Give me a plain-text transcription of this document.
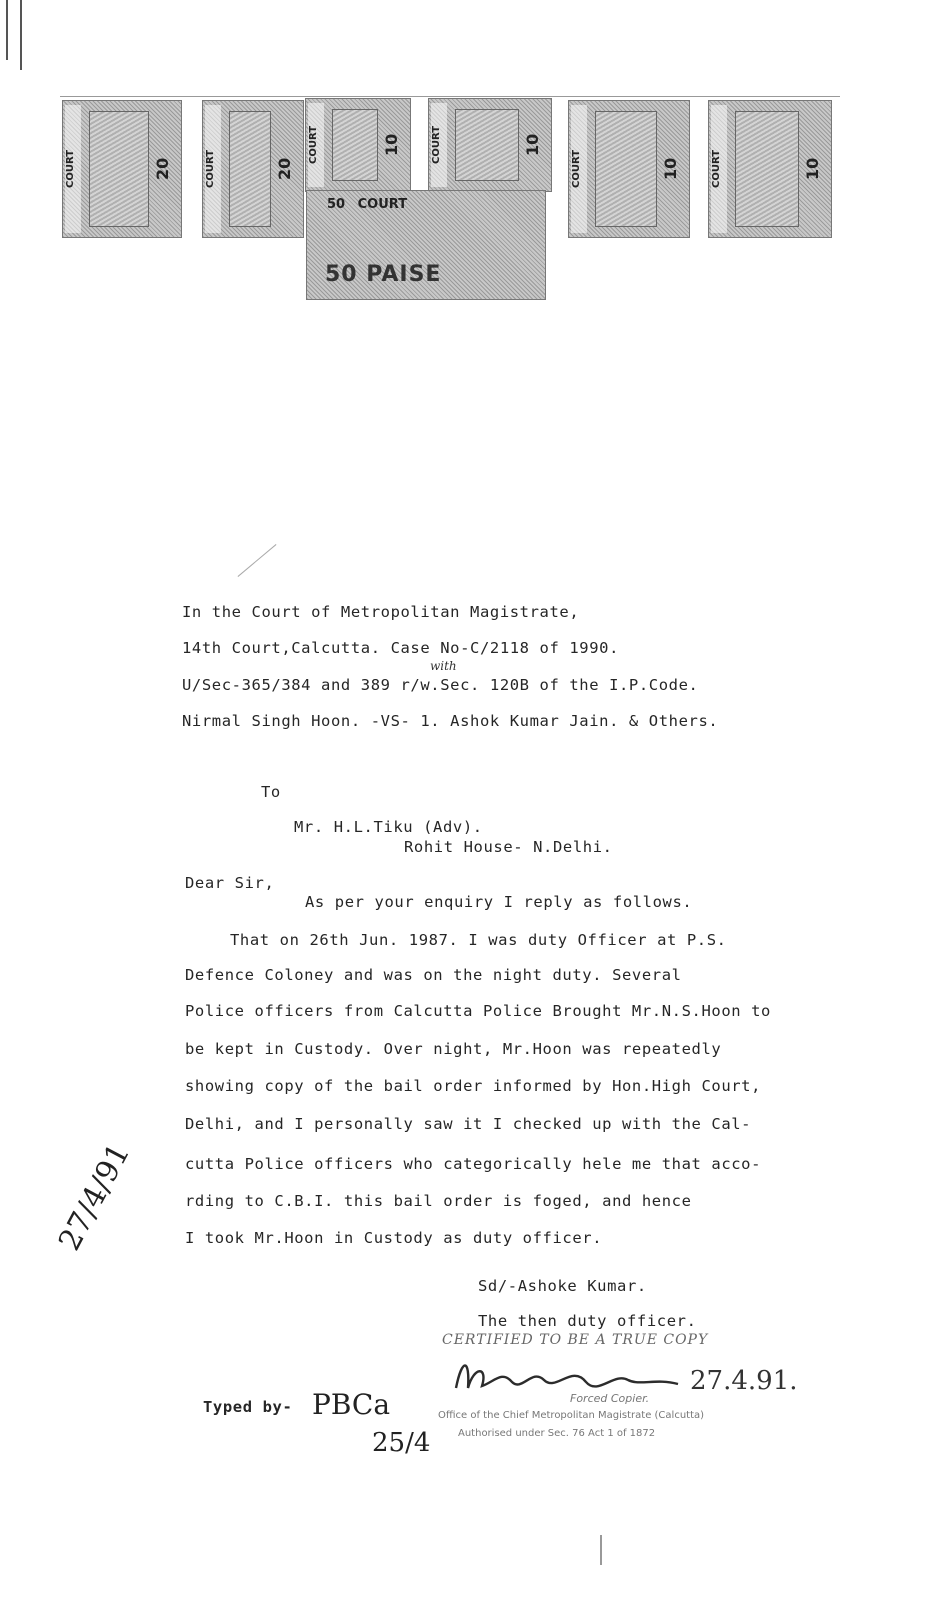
COURT	20	COURT	20
COURT	10	COURT	10
COURT	10	COURT	10
50 COURT
50 PAISE
In the Court of Metropolitan Magistrate,
14th Court,Calcutta. Case No-C/2118 of 1990.
with
U/Sec-365/384 and 389 r/w.Sec. 120B of the I.P.Code.
Nirmal Singh Hoon. -VS- 1. Ashok Kumar Jain. & Others.
To
Mr. H.L.Tiku (Adv).
Rohit House- N.Delhi.
Dear Sir,
As per your enquiry I reply as follows.
That on 26th Jun. 1987. I was duty Officer at P.S.
Defence Coloney and was on the night duty. Several
Police officers from Calcutta Police Brought Mr.N.S.Hoon to
be kept in Custody. Over night, Mr.Hoon was repeatedly
showing copy of the bail order informed by Hon.High Court,
Delhi, and I personally saw it I checked up with the Cal-
cutta Police officers who categorically hele me that acco-
rding to C.B.I. this bail order is foged, and hence
I took Mr.Hoon in Custody as duty officer.
Sd/-Ashoke Kumar.
The then duty officer.
CERTIFIED TO BE A TRUE COPY
27.4.91.
Forced Copier.
Office of the Chief Metropolitan Magistrate (Calcutta)
Authorised under Sec. 76 Act 1 of 1872
Typed by- PBCa
25/4
27/4/91
